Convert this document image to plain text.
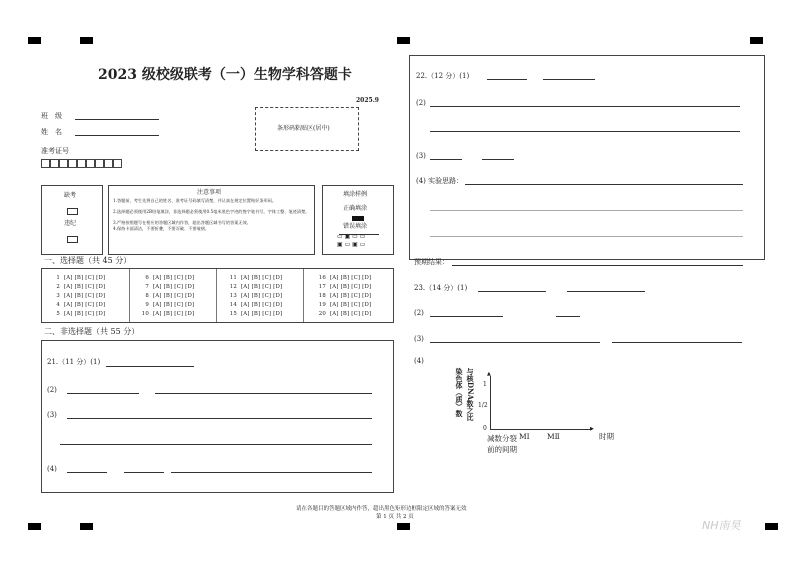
2023 级校级联考（一）生物学科答题卡
2025.9
班　级
姓　名
准考证号
条形码粘贴区(居中)
缺考
违纪
注意事项
1.答题前，考生先将自己的姓名、准考证号码填写清楚，并认真在规定位置贴好条形码。
2.选择题必须使用2B铅笔填涂，非选择题必须使用0.5毫米黑色字迹的签字笔书写，字体工整、笔迹清楚。
3.严格按照题号在相应的答题区域内作答，超出答题区域书写的答案无效。
4.保持卡面清洁，不要折叠，不要弄破、不要皱褶。
填涂样例
正确填涂
错误填涂
▭ ▣ ▭ ▭
▣ ▭ ▣ ▭
一、选择题（共 45 分）
1 [A] [B] [C] [D]
2 [A] [B] [C] [D]
3 [A] [B] [C] [D]
4 [A] [B] [C] [D]
5 [A] [B] [C] [D]
6 [A] [B] [C] [D]
7 [A] [B] [C] [D]
8 [A] [B] [C] [D]
9 [A] [B] [C] [D]
10 [A] [B] [C] [D]
11 [A] [B] [C] [D]
12 [A] [B] [C] [D]
13 [A] [B] [C] [D]
14 [A] [B] [C] [D]
15 [A] [B] [C] [D]
16 [A] [B] [C] [D]
17 [A] [B] [C] [D]
18 [A] [B] [C] [D]
19 [A] [B] [C] [D]
20 [A] [B] [C] [D]
二、非选择题（共 55 分）
21.（11 分）(1)
(2)
(3)
(4)
22.（12 分）(1)
(2)
(3)
(4) 实验思路：
预期结果：
23.（14 分）(1)
(2)
(3)
(4)
染色体（质）数 与核DNA数之比 ▲
▶
1
1/2
0
减数分裂前的间期
MⅠ MⅡ	时期
请在各题目的答题区域内作答，超出黑色矩形边框限定区域的答案无效
第 1 页 共 2 页
NH南昊
